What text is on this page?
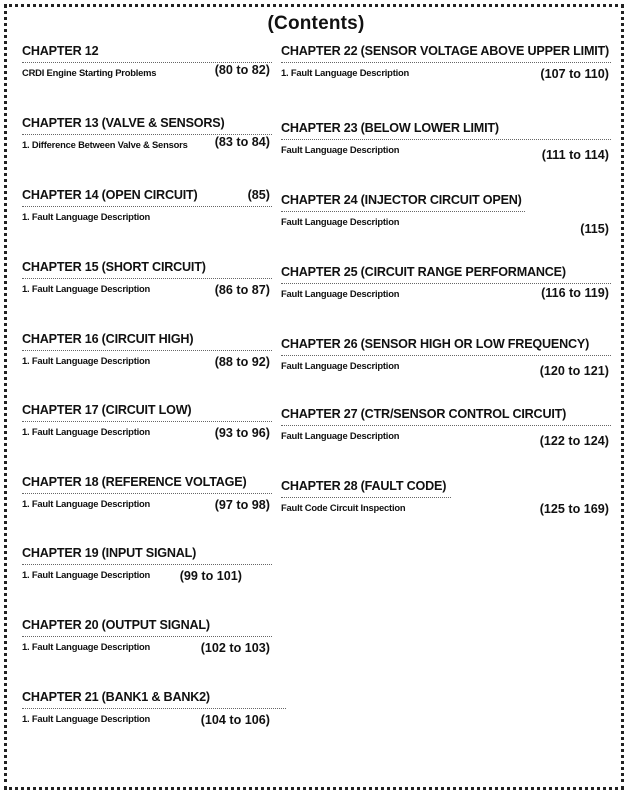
(Contents)
CHAPTER 12
CRDI Engine Starting Problems	(80 to 82)
CHAPTER 13 (VALVE & SENSORS)
1. Difference Between Valve & Sensors (83 to 84)
CHAPTER 14 (OPEN CIRCUIT)	(85)
1. Fault Language Description
CHAPTER 15 (SHORT CIRCUIT)
1. Fault Language Description	(86 to 87)
CHAPTER 16 (CIRCUIT HIGH)
1. Fault Language Description	(88 to 92)
CHAPTER 17 (CIRCUIT LOW)
1. Fault Language Description	(93 to 96)
CHAPTER 18 (REFERENCE VOLTAGE)
1. Fault Language Description	(97 to 98)
CHAPTER 19 (INPUT SIGNAL)
1. Fault Language Description (99 to 101)
CHAPTER 20 (OUTPUT SIGNAL)
1. Fault Language Description	(102 to 103)
CHAPTER 21 (BANK1 & BANK2)
1. Fault Language Description	(104 to 106)
CHAPTER 22 (SENSOR VOLTAGE ABOVE UPPER LIMIT)
1. Fault Language Description	(107 to 110)
CHAPTER 23 (BELOW LOWER LIMIT)
Fault Language Description	(111 to 114)
CHAPTER 24 (INJECTOR CIRCUIT OPEN)
Fault Language Description
(115)
CHAPTER 25 (CIRCUIT RANGE PERFORMANCE)
Fault Language Description	(116 to 119)
CHAPTER 26 (SENSOR HIGH OR LOW FREQUENCY)
Fault Language Description	(120 to 121)
CHAPTER 27 (CTR/SENSOR CONTROL CIRCUIT)
Fault Language Description	(122 to 124)
CHAPTER 28 (FAULT CODE)
Fault Code Circuit Inspection	(125 to 169)
